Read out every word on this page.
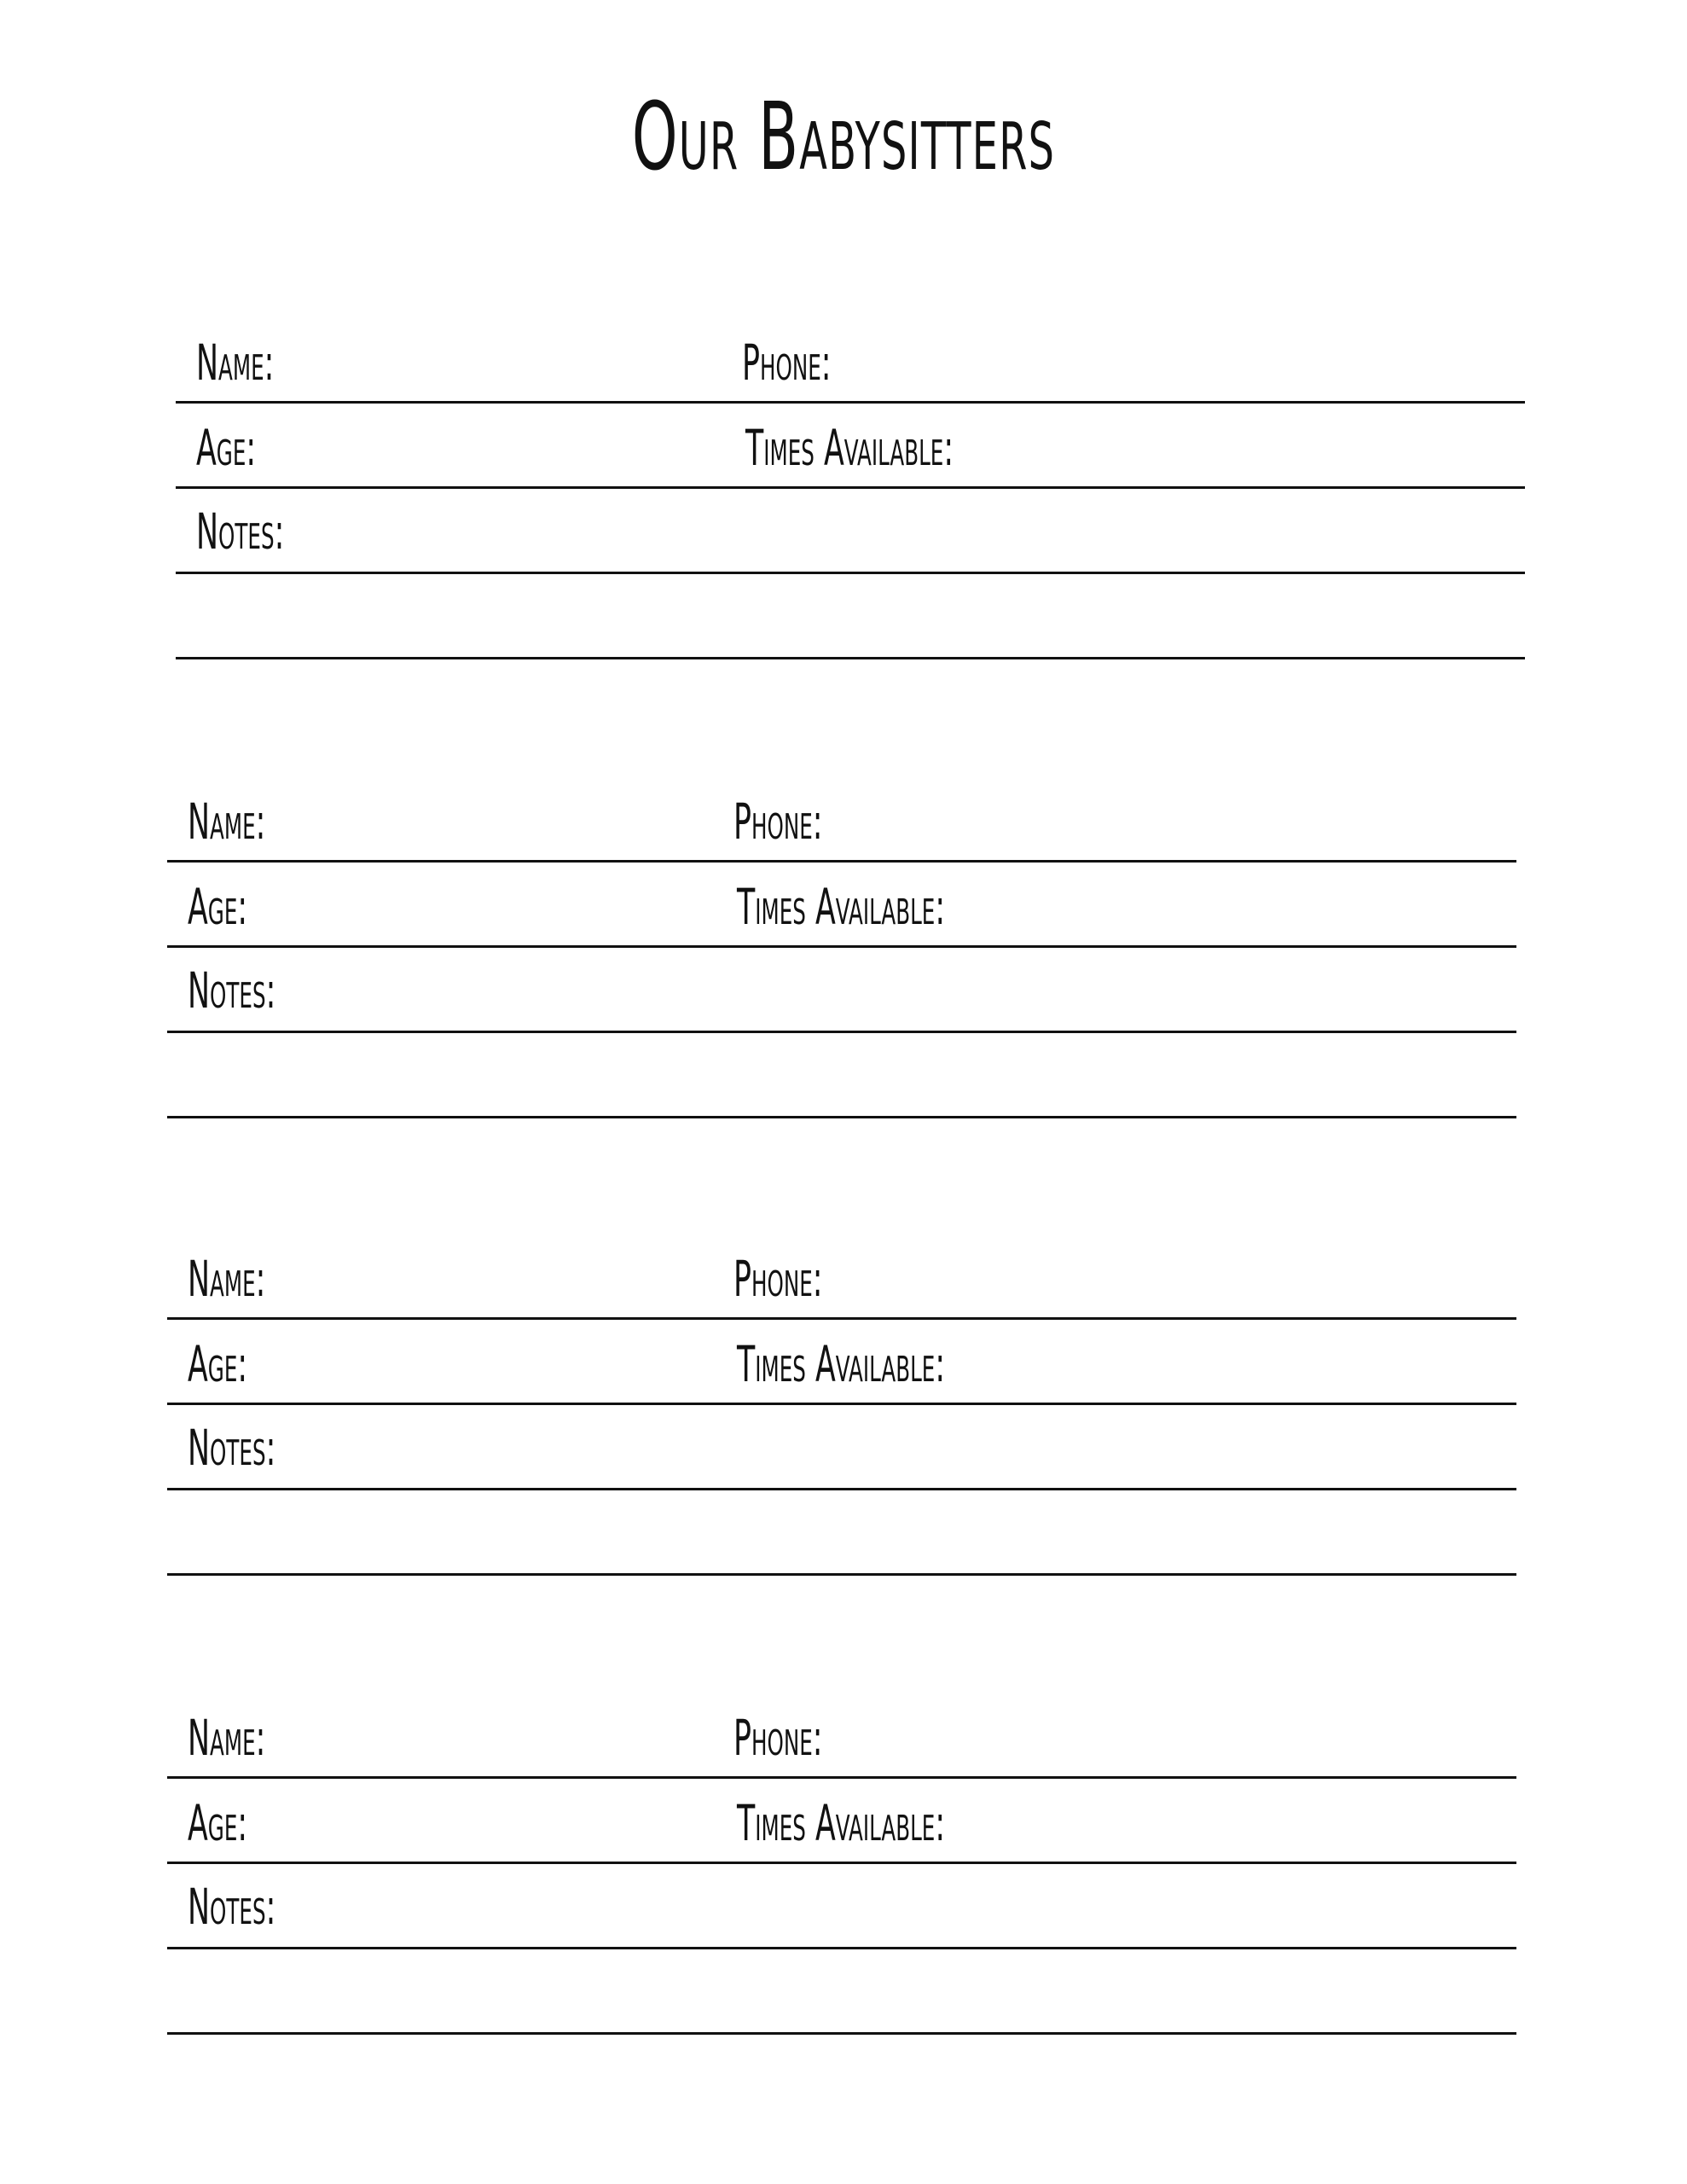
Our Babysitters
Name:	Phone:
Age:	Times Available:
Notes:
Name:	Phone:
Age:	Times Available:
Notes:
Name:	Phone:
Age:	Times Available:
Notes:
Name:	Phone:
Age:	Times Available:
Notes:
